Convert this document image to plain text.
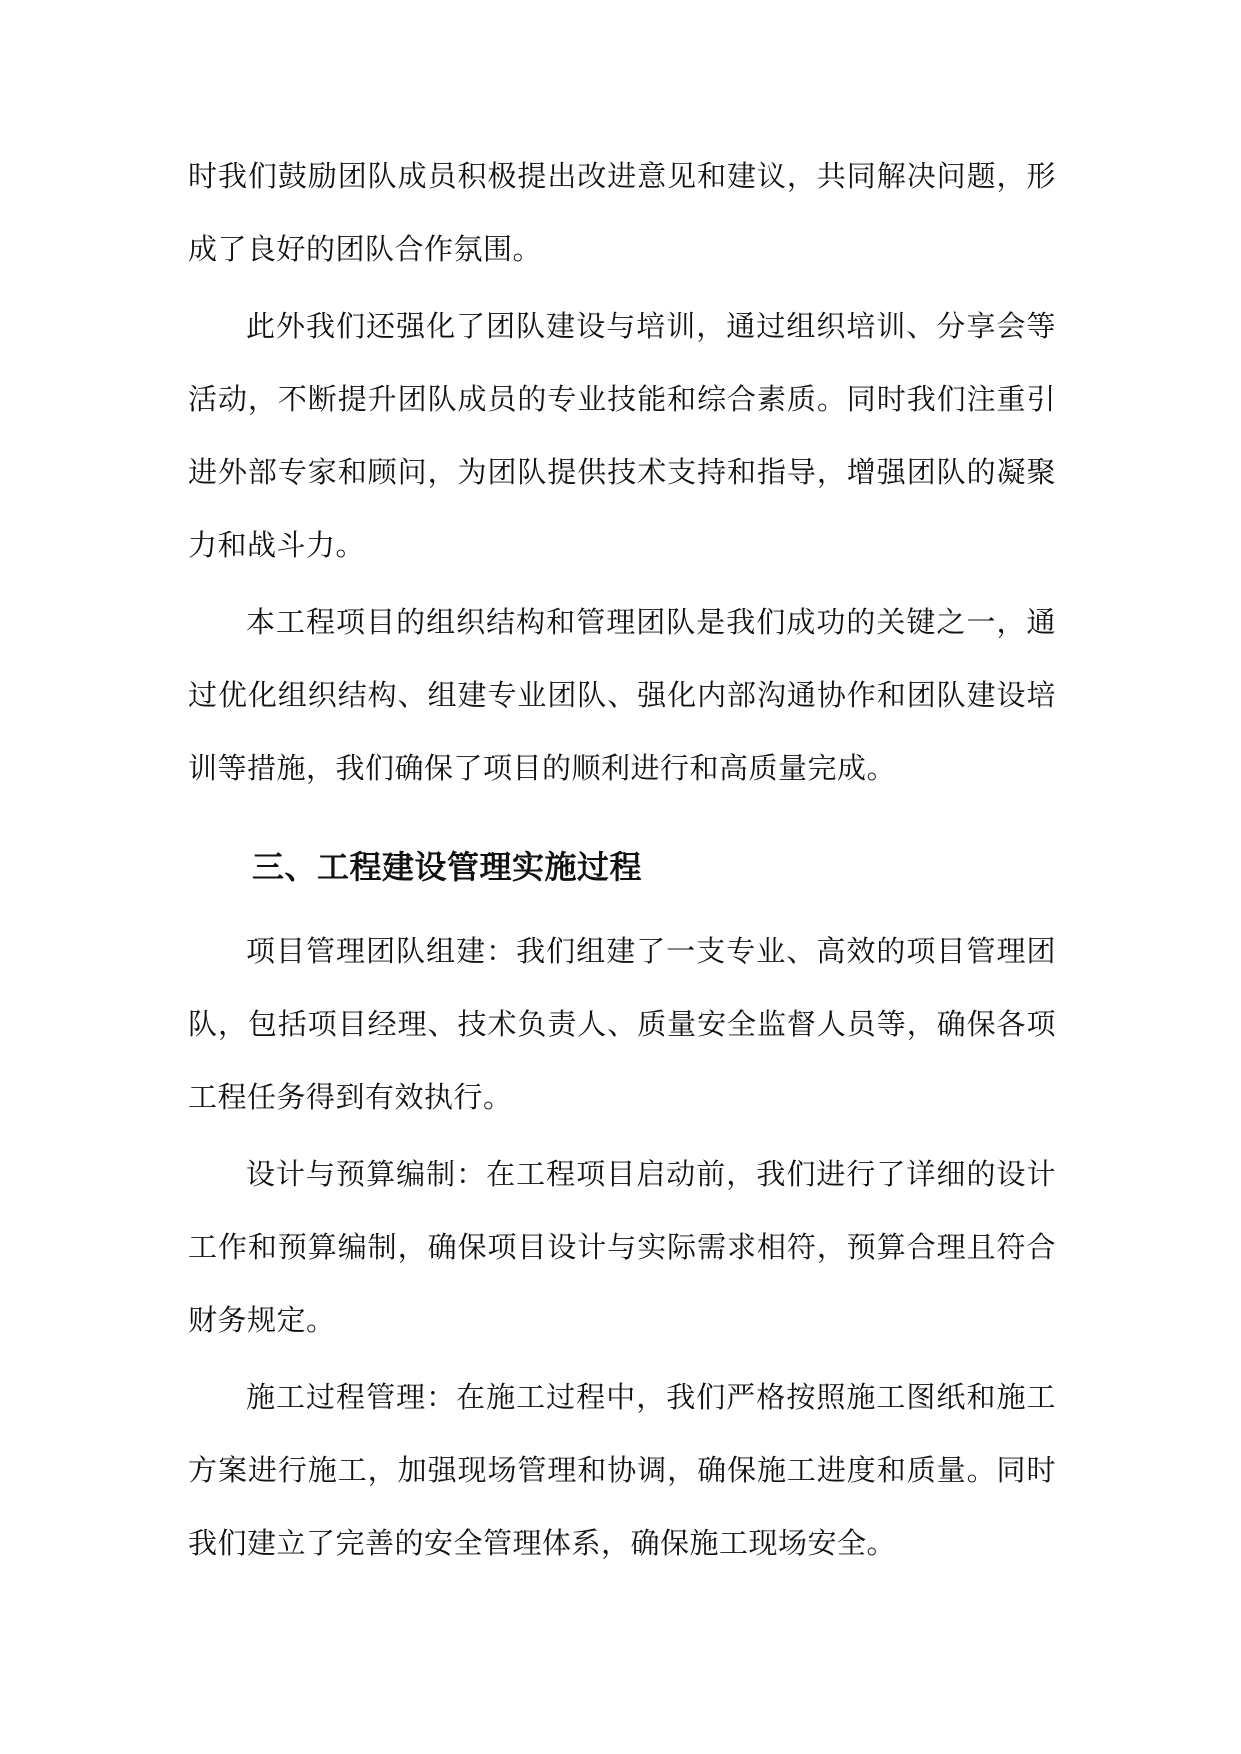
时我们鼓励团队成员积极提出改进意见和建议，共同解决问题，形成了良好的团队合作氛围。

此外我们还强化了团队建设与培训，通过组织培训、分享会等活动，不断提升团队成员的专业技能和综合素质。同时我们注重引进外部专家和顾问，为团队提供技术支持和指导，增强团队的凝聚力和战斗力。

本工程项目的组织结构和管理团队是我们成功的关键之一，通过优化组织结构、组建专业团队、强化内部沟通协作和团队建设培训等措施，我们确保了项目的顺利进行和高质量完成。

三、工程建设管理实施过程

项目管理团队组建：我们组建了一支专业、高效的项目管理团队，包括项目经理、技术负责人、质量安全监督人员等，确保各项工程任务得到有效执行。

设计与预算编制：在工程项目启动前，我们进行了详细的设计工作和预算编制，确保项目设计与实际需求相符，预算合理且符合财务规定。

施工过程管理：在施工过程中，我们严格按照施工图纸和施工方案进行施工，加强现场管理和协调，确保施工进度和质量。同时我们建立了完善的安全管理体系，确保施工现场安全。
